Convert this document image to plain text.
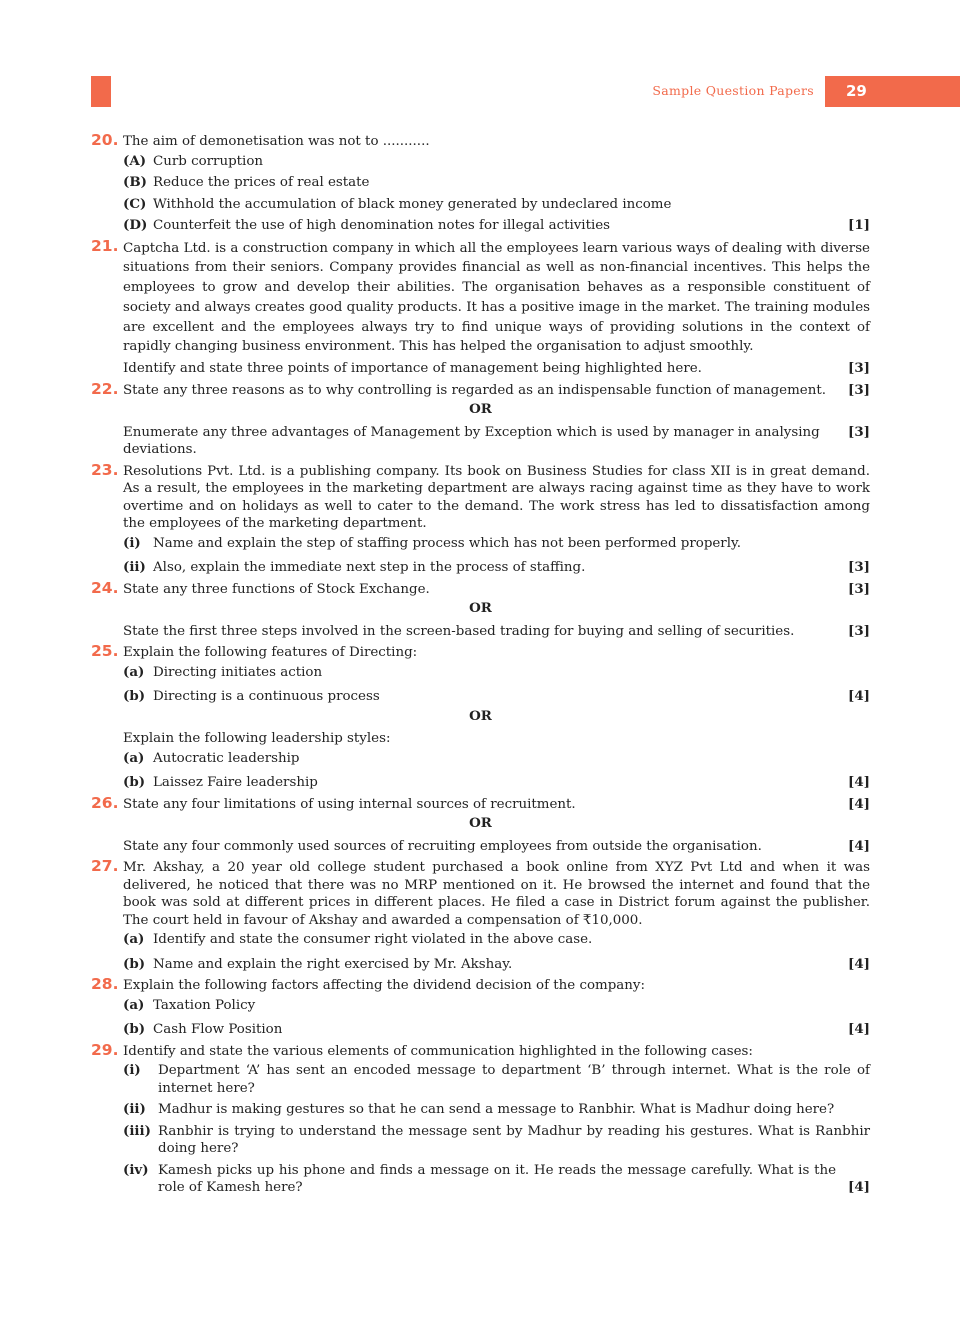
Sample Question Papers 29
20. The aim of demonetisation was not to ...........
(A) Curb corruption
(B) Reduce the prices of real estate
(C) Withhold the accumulation of black money generated by undeclared income
(D) Counterfeit the use of high denomination notes for illegal activities	[1]
21. Captcha Ltd. is a construction company in which all the employees learn various ways of dealing with diverse situations from their seniors. Company provides financial as well as non-financial incentives. This helps the employees to grow and develop their abilities. The organisation behaves as a responsible constituent of society and always creates good quality products. It has a positive image in the market. The training modules are excellent and the employees always try to find unique ways of providing solutions in the context of rapidly changing business environment. This has helped the organisation to adjust smoothly.
Identify and state three points of importance of management being highlighted here.	[3]
22. State any three reasons as to why controlling is regarded as an indispensable function of management. [3]
OR
Enumerate any three advantages of Management by Exception which is used by manager in analysing deviations.
[3]
23. Resolutions Pvt. Ltd. is a publishing company. Its book on Business Studies for class XII is in great demand. As a result, the employees in the marketing department are always racing against time as they have to work overtime and on holidays as well to cater to the demand. The work stress has led to dissatisfaction among the employees of the marketing department.
(i) Name and explain the step of staffing process which has not been performed properly.
(ii) Also, explain the immediate next step in the process of staffing.	[3]
24. State any three functions of Stock Exchange.	[3]
OR
State the first three steps involved in the screen-based trading for buying and selling of securities.	[3]
25. Explain the following features of Directing:
(a) Directing initiates action
(b) Directing is a continuous process	[4]
OR
Explain the following leadership styles:
(a) Autocratic leadership
(b) Laissez Faire leadership	[4]
26. State any four limitations of using internal sources of recruitment.	[4]
OR
State any four commonly used sources of recruiting employees from outside the organisation.	[4]
27. Mr. Akshay, a 20 year old college student purchased a book online from XYZ Pvt Ltd and when it was delivered, he noticed that there was no MRP mentioned on it. He browsed the internet and found that the book was sold at different prices in different places. He filed a case in District forum against the publisher. The court held in favour of Akshay and awarded a compensation of ₹10,000.
(a) Identify and state the consumer right violated in the above case.
(b) Name and explain the right exercised by Mr. Akshay.	[4]
28. Explain the following factors affecting the dividend decision of the company:
(a) Taxation Policy
(b) Cash Flow Position	[4]
29. Identify and state the various elements of communication highlighted in the following cases:
(i)	Department ‘A’ has sent an encoded message to department ‘B’ through internet. What is the role of internet here?
(ii) Madhur is making gestures so that he can send a message to Ranbhir. What is Madhur doing here?
(iii) Ranbhir is trying to understand the message sent by Madhur by reading his gestures. What is Ranbhir doing here?
(iv) Kamesh picks up his phone and finds a message on it. He reads the message carefully. What is the role of Kamesh here?	[4]
